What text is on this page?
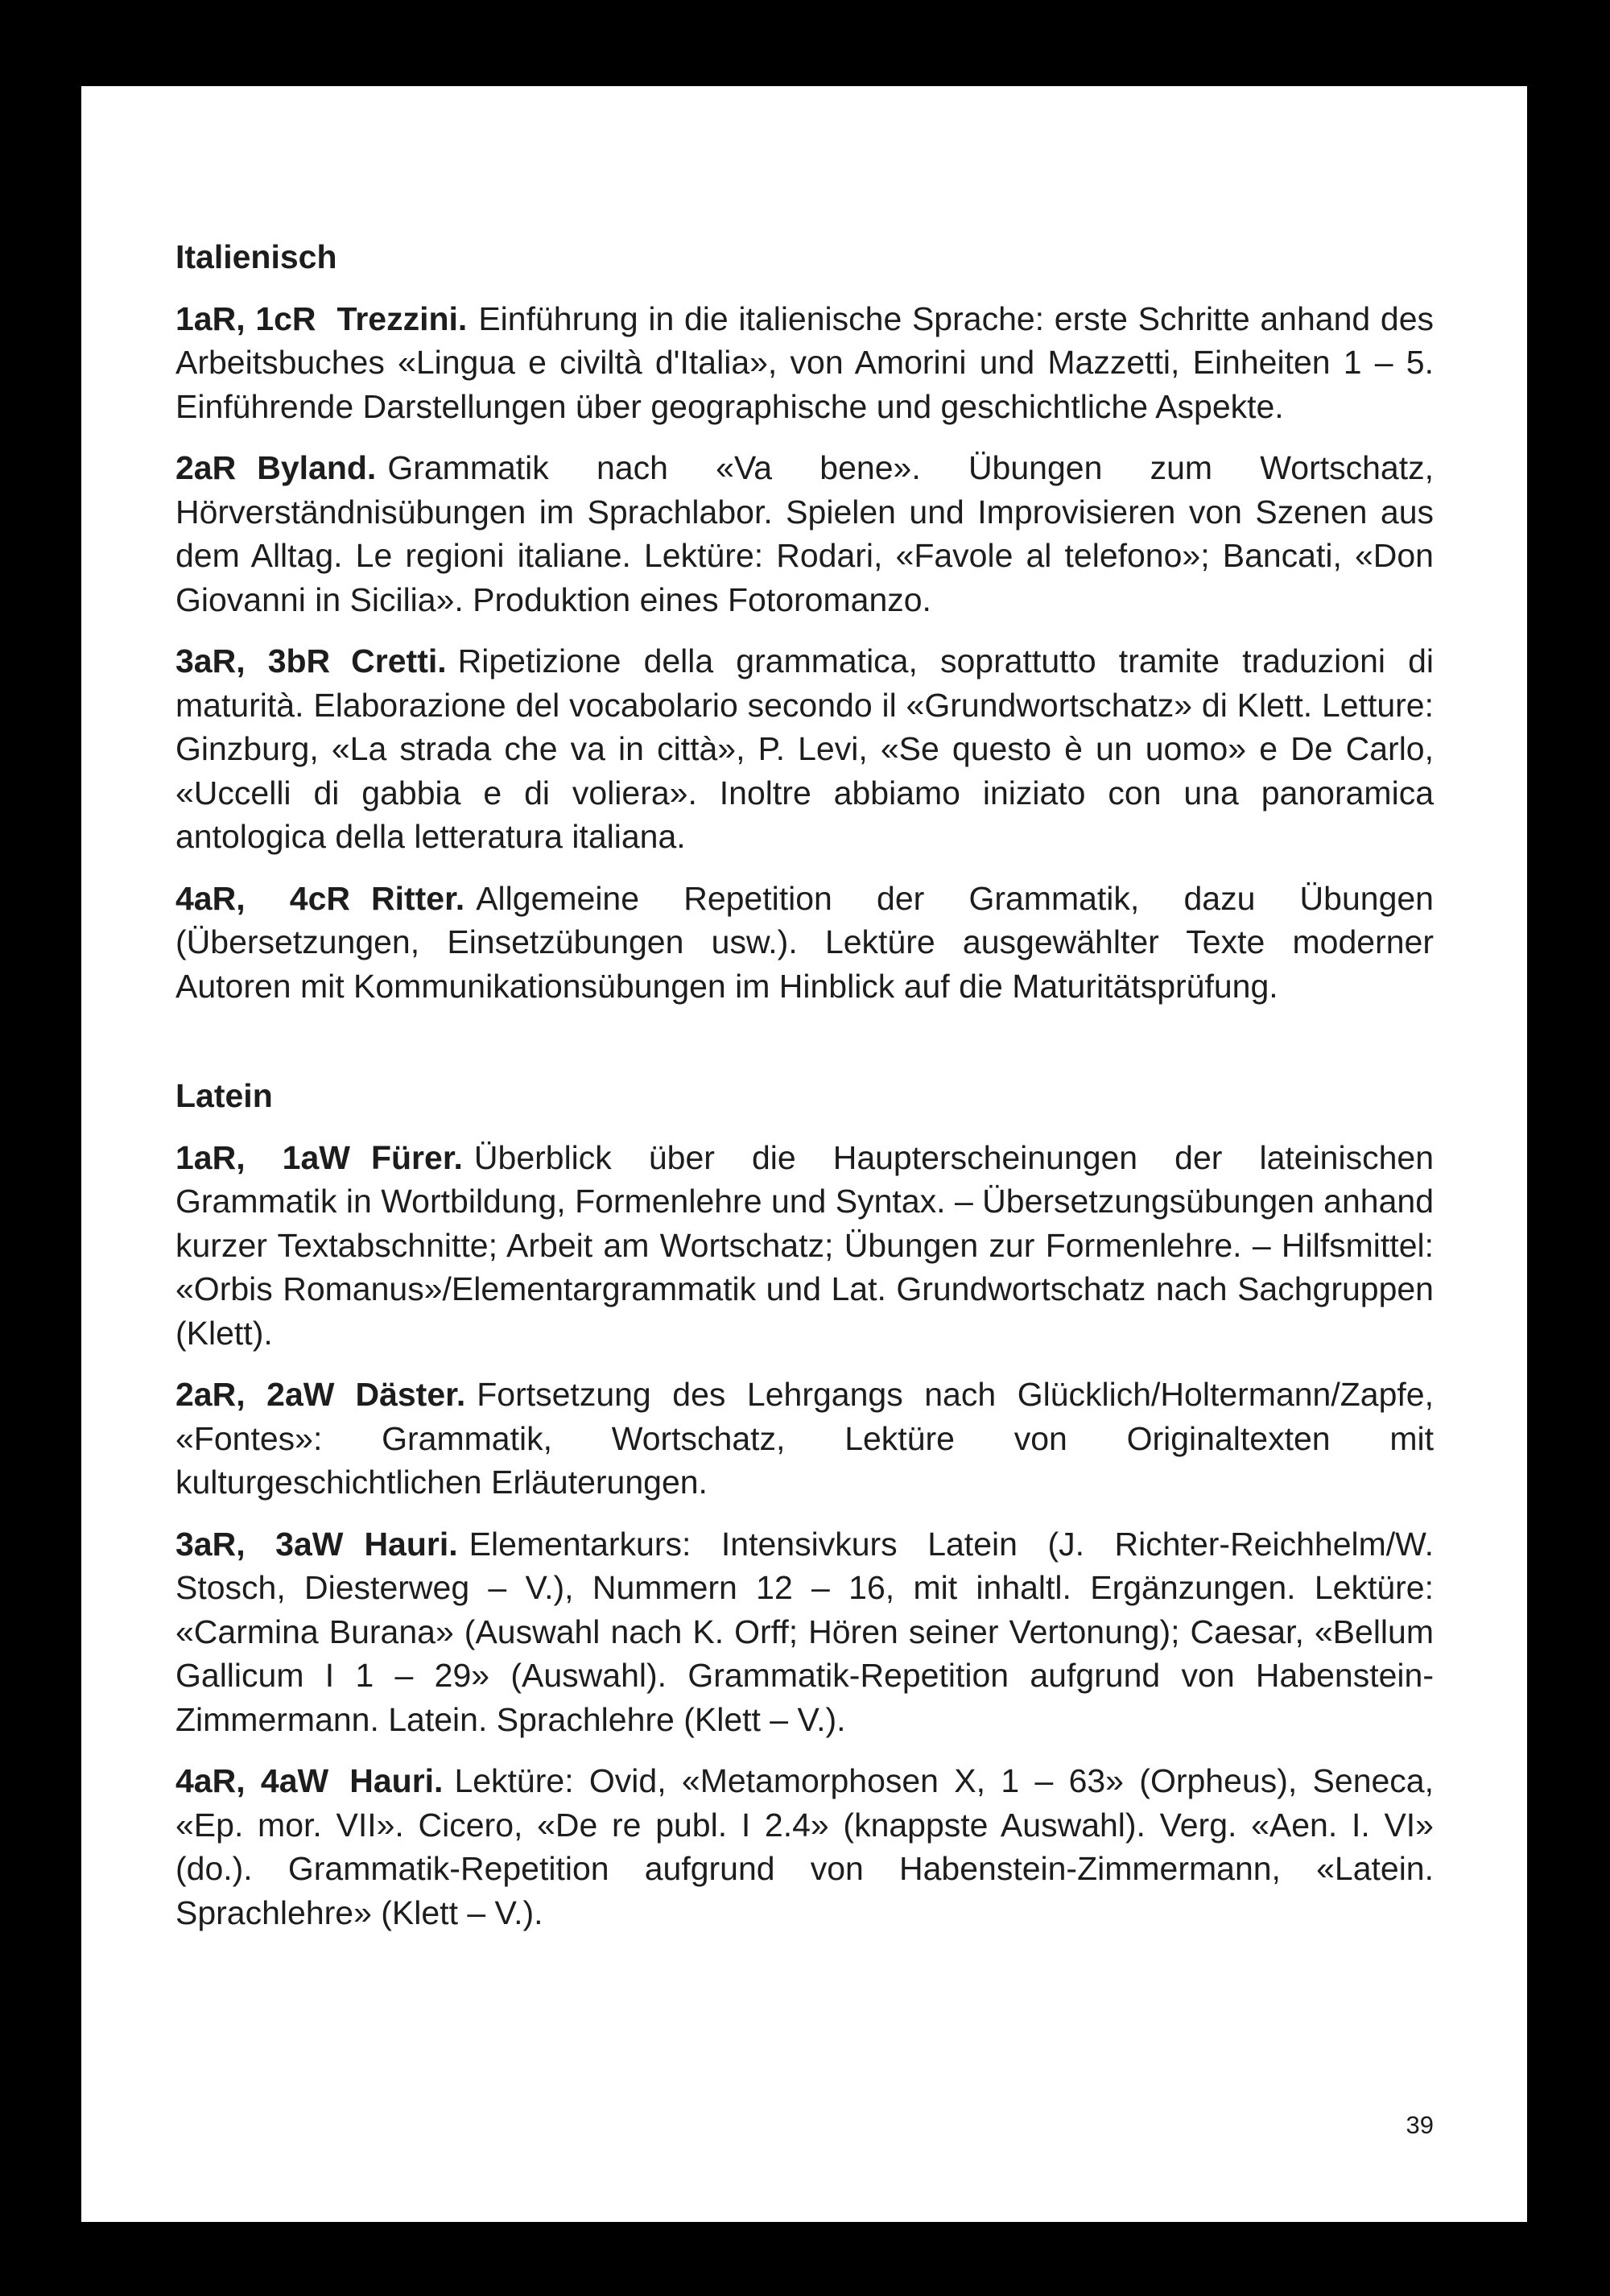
Italienisch

1aR, 1cR Trezzini. Einführung in die italienische Sprache: erste Schritte anhand des Arbeitsbuches «Lingua e civiltà d'Italia», von Amorini und Mazzetti, Einheiten 1 – 5. Einführende Darstellungen über geographische und geschichtliche Aspekte.

2aR Byland. Grammatik nach «Va bene». Übungen zum Wortschatz, Hörverständnisübungen im Sprachlabor. Spielen und Improvisieren von Szenen aus dem Alltag. Le regioni italiane. Lektüre: Rodari, «Favole al telefono»; Bancati, «Don Giovanni in Sicilia». Produktion eines Fotoromanzo.

3aR, 3bR Cretti. Ripetizione della grammatica, soprattutto tramite traduzioni di maturità. Elaborazione del vocabolario secondo il «Grundwortschatz» di Klett. Letture: Ginzburg, «La strada che va in città», P. Levi, «Se questo è un uomo» e De Carlo, «Uccelli di gabbia e di voliera». Inoltre abbiamo iniziato con una panoramica antologica della letteratura italiana.

4aR, 4cR Ritter. Allgemeine Repetition der Grammatik, dazu Übungen (Übersetzungen, Einsetzübungen usw.). Lektüre ausgewählter Texte moderner Autoren mit Kommunikationsübungen im Hinblick auf die Maturitätsprüfung.

Latein

1aR, 1aW Fürer. Überblick über die Haupterscheinungen der lateinischen Grammatik in Wortbildung, Formenlehre und Syntax. – Übersetzungsübungen anhand kurzer Textabschnitte; Arbeit am Wortschatz; Übungen zur Formenlehre. – Hilfsmittel: «Orbis Romanus»/Elementargrammatik und Lat. Grundwortschatz nach Sachgruppen (Klett).

2aR, 2aW Däster. Fortsetzung des Lehrgangs nach Glücklich/Holtermann/Zapfe, «Fontes»: Grammatik, Wortschatz, Lektüre von Originaltexten mit kulturgeschichtlichen Erläuterungen.

3aR, 3aW Hauri. Elementarkurs: Intensivkurs Latein (J. Richter-Reichhelm/W. Stosch, Diesterweg – V.), Nummern 12 – 16, mit inhaltl. Ergänzungen. Lektüre: «Carmina Burana» (Auswahl nach K. Orff; Hören seiner Vertonung); Caesar, «Bellum Gallicum I 1 – 29» (Auswahl). Grammatik-Repetition aufgrund von Habenstein-Zimmermann. Latein. Sprachlehre (Klett – V.).

4aR, 4aW Hauri. Lektüre: Ovid, «Metamorphosen X, 1 – 63» (Orpheus), Seneca, «Ep. mor. VII». Cicero, «De re publ. I 2.4» (knappste Auswahl). Verg. «Aen. I. VI» (do.). Grammatik-Repetition aufgrund von Habenstein-Zimmermann, «Latein. Sprachlehre» (Klett – V.).

39
